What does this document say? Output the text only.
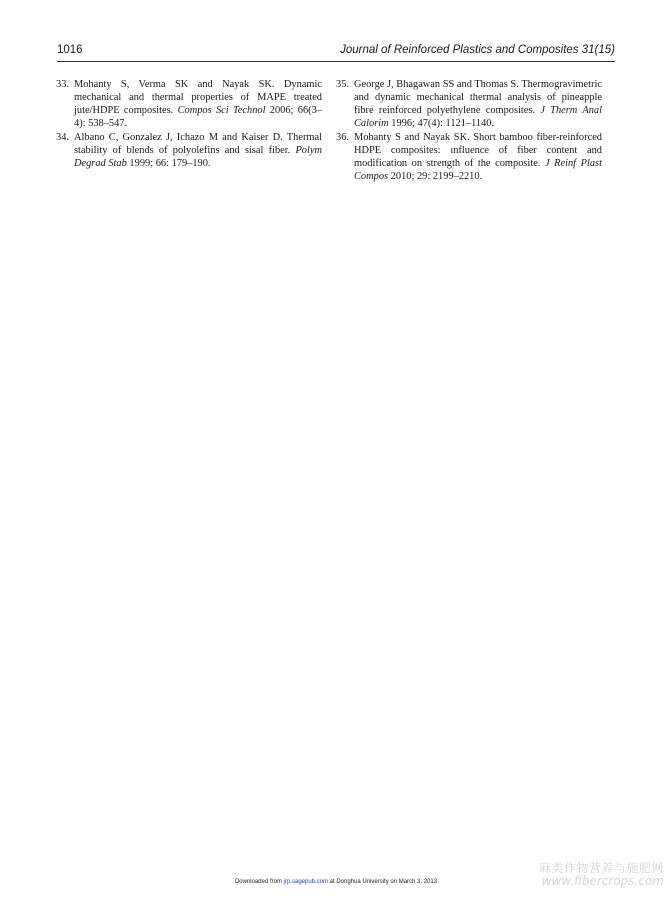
1016	Journal of Reinforced Plastics and Composites 31(15)
33. Mohanty S, Verma SK and Nayak SK. Dynamic mechanical and thermal properties of MAPE treated jute/HDPE composites. Compos Sci Technol 2006; 66(3–4): 538–547.
34. Albano C, Gonzalez J, Ichazo M and Kaiser D. Thermal stability of blends of polyolefins and sisal fiber. Polym Degrad Stab 1999; 66: 179–190.
35. George J, Bhagawan SS and Thomas S. Thermogravimetric and dynamic mechanical thermal analysis of pineapple fibre reinforced polyethylene composites. J Therm Anal Calorim 1996; 47(4): 1121–1140.
36. Mohanty S and Nayak SK. Short bamboo fiber-reinforced HDPE composites: ınfluence of fiber content and modification on strength of the composite. J Reinf Plast Compos 2010; 29: 2199–2210.
Downloaded from jrp.sagepub.com at Donghua University on March 3, 2013
麻类作物营养与施肥网
www.fibercrops.com
